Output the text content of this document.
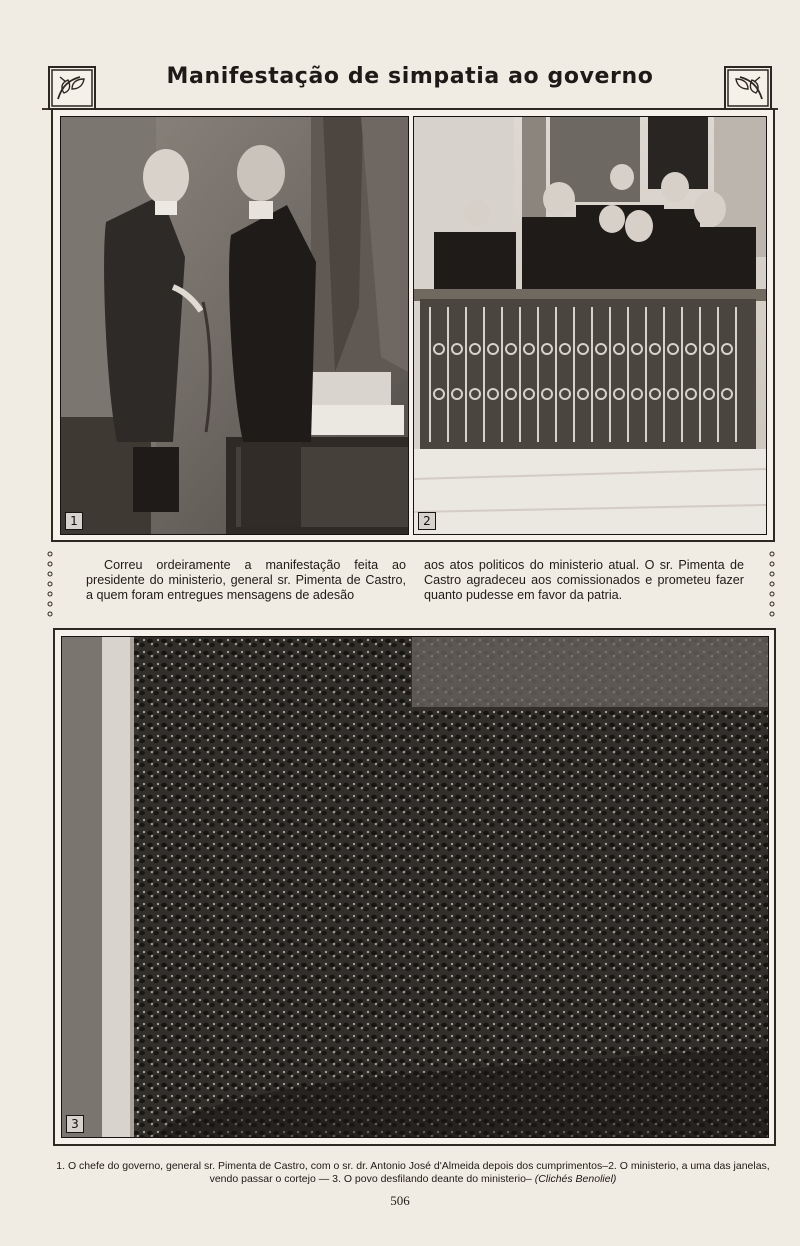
Manifestação de simpatia ao governo
1	2
Correu ordeiramente a manifestação feita ao presidente do ministerio, general sr. Pimenta de Castro, a quem foram entregues mensagens de adesão
aos atos politicos do ministerio atual. O sr. Pimenta de Castro agradeceu aos comissionados e prometeu fazer quanto pudesse em favor da patria.
3
1. O chefe do governo, general sr. Pimenta de Castro, com o sr. dr. Antonio José d'Almeida depois dos cumprimentos–2. O ministerio, a uma das janelas, vendo passar o cortejo — 3. O povo desfilando deante do ministerio– (Clichés Benoliel)
506
